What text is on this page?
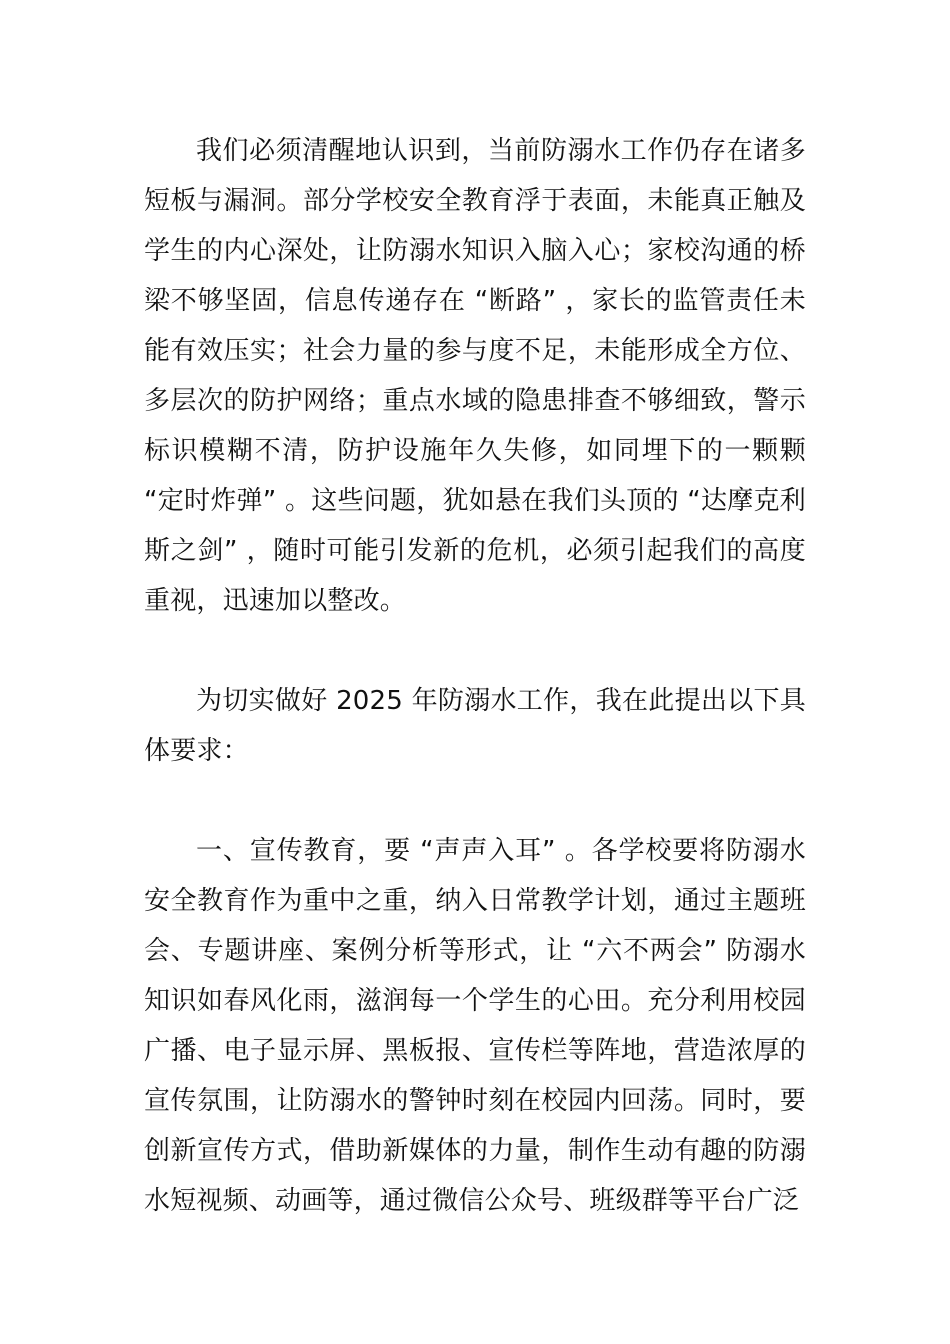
我们必须清醒地认识到，当前防溺水工作仍存在诸多短板与漏洞。部分学校安全教育浮于表面，未能真正触及学生的内心深处，让防溺水知识入脑入心；家校沟通的桥梁不够坚固，信息传递存在 “断路” ，家长的监管责任未能有效压实；社会力量的参与度不足，未能形成全方位、多层次的防护网络；重点水域的隐患排查不够细致，警示标识模糊不清，防护设施年久失修，如同埋下的一颗颗 “定时炸弹” 。这些问题，犹如悬在我们头顶的 “达摩克利斯之剑” ，随时可能引发新的危机，必须引起我们的高度重视，迅速加以整改。

为切实做好 2025 年防溺水工作，我在此提出以下具体要求：

一、宣传教育，要 “声声入耳” 。各学校要将防溺水安全教育作为重中之重，纳入日常教学计划，通过主题班会、专题讲座、案例分析等形式，让 “六不两会” 防溺水知识如春风化雨，滋润每一个学生的心田。充分利用校园广播、电子显示屏、黑板报、宣传栏等阵地，营造浓厚的宣传氛围，让防溺水的警钟时刻在校园内回荡。同时，要创新宣传方式，借助新媒体的力量，制作生动有趣的防溺水短视频、动画等，通过微信公众号、班级群等平台广泛
